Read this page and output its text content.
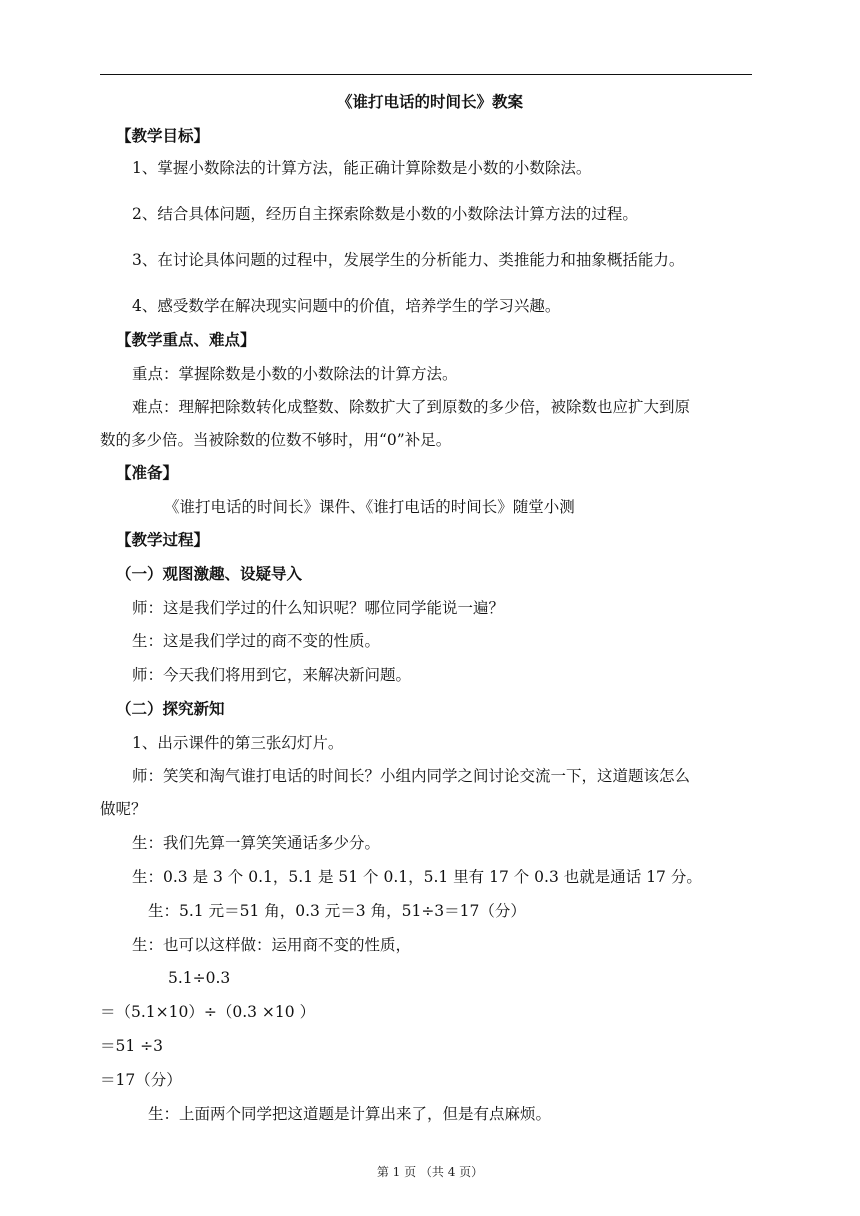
《谁打电话的时间长》教案
【教学目标】
1、掌握小数除法的计算方法，能正确计算除数是小数的小数除法。
2、结合具体问题，经历自主探索除数是小数的小数除法计算方法的过程。
3、在讨论具体问题的过程中，发展学生的分析能力、类推能力和抽象概括能力。
4、感受数学在解决现实问题中的价值，培养学生的学习兴趣。
【教学重点、难点】
重点：掌握除数是小数的小数除法的计算方法。
难点：理解把除数转化成整数、除数扩大了到原数的多少倍，被除数也应扩大到原
数的多少倍。当被除数的位数不够时，用“0”补足。
【准备】
《谁打电话的时间长》课件、《谁打电话的时间长》随堂小测
【教学过程】
（一）观图激趣、设疑导入
师：这是我们学过的什么知识呢？哪位同学能说一遍？
生：这是我们学过的商不变的性质。
师：今天我们将用到它，来解决新问题。
（二）探究新知
1、出示课件的第三张幻灯片。
师：笑笑和淘气谁打电话的时间长？小组内同学之间讨论交流一下，这道题该怎么
做呢？
生：我们先算一算笑笑通话多少分。
生：0.3 是 3 个 0.1，5.1 是 51 个 0.1，5.1 里有 17 个 0.3 也就是通话 17 分。
生：5.1 元＝51 角，0.3 元＝3 角，51÷3＝17（分）
生：也可以这样做：运用商不变的性质，
5.1÷0.3
＝（5.1×10）÷（0.3 ×10 ）
＝51 ÷3
＝17（分）
生：上面两个同学把这道题是计算出来了，但是有点麻烦。
第 1 页 （共 4 页）
